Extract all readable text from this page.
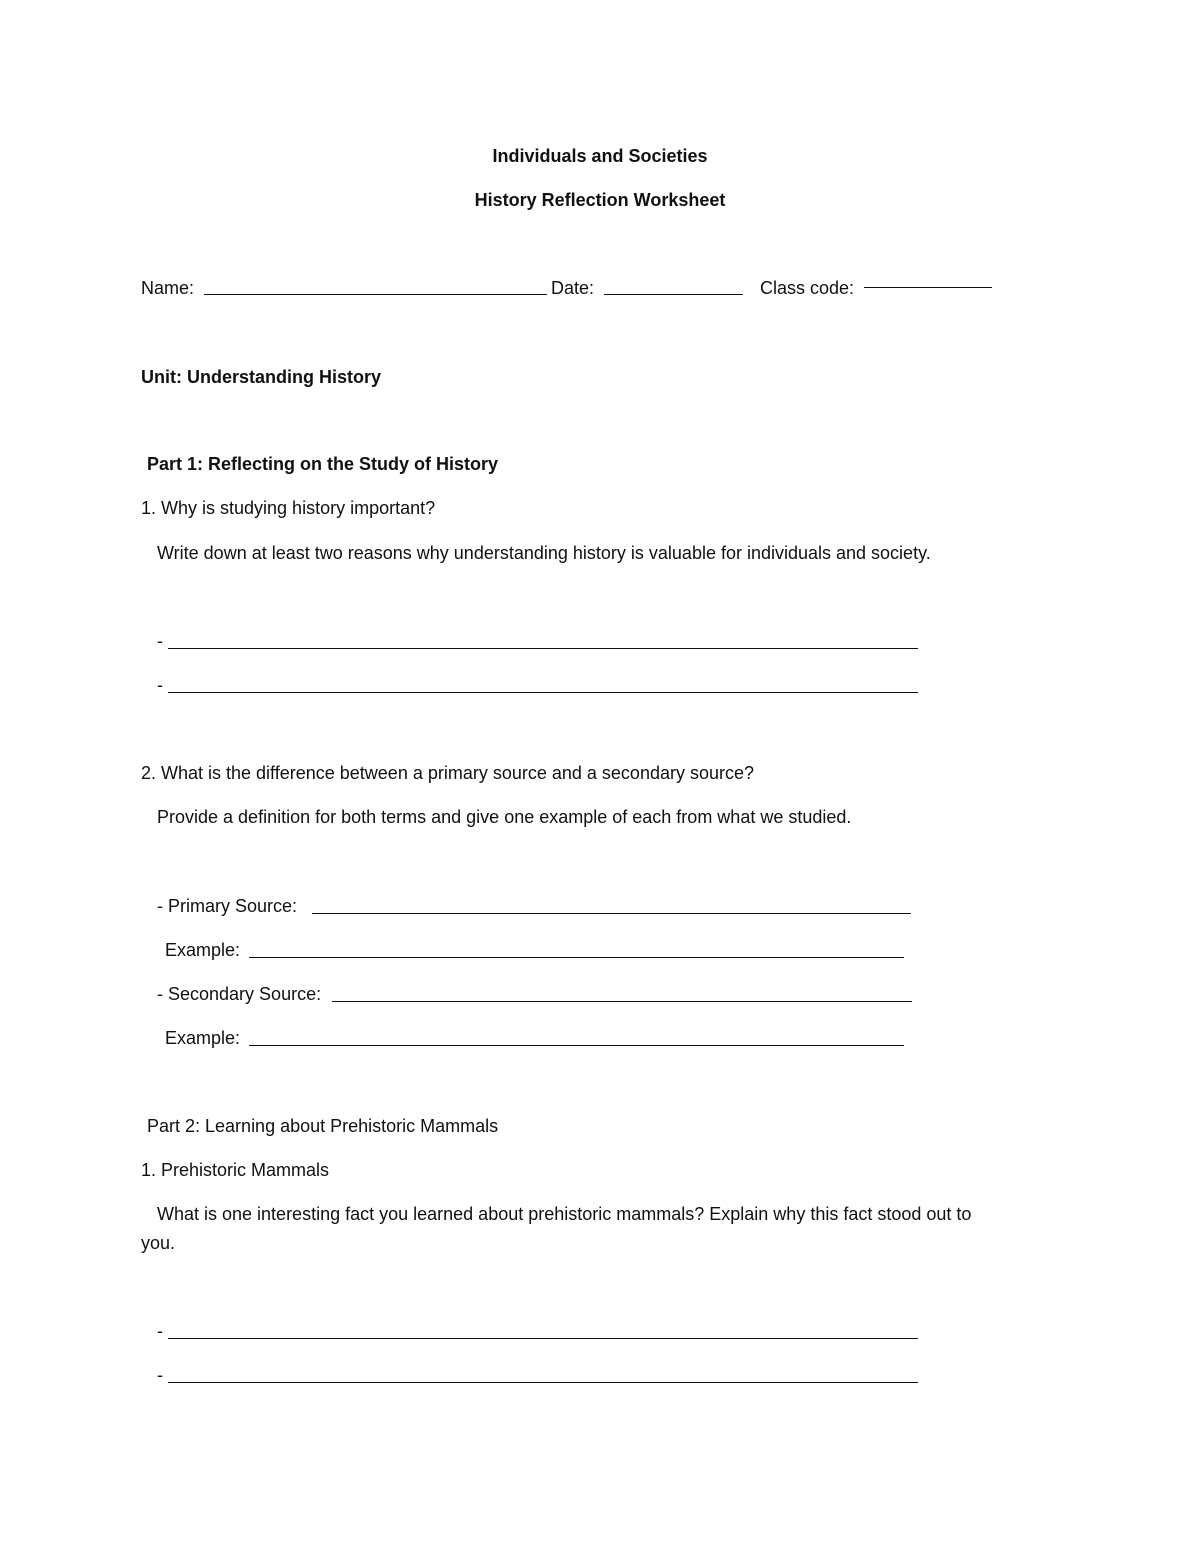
Individuals and Societies
History Reflection Worksheet
Name:	Date:	Class code:
Unit: Understanding History
Part 1: Reflecting on the Study of History
1. Why is studying history important?
Write down at least two reasons why understanding history is valuable for individuals and society.
-
-
2. What is the difference between a primary source and a secondary source?
Provide a definition for both terms and give one example of each from what we studied.
- Primary Source:
Example:
- Secondary Source:
Example:
Part 2: Learning about Prehistoric Mammals
1. Prehistoric Mammals
What is one interesting fact you learned about prehistoric mammals? Explain why this fact stood out to
you.
-
-
